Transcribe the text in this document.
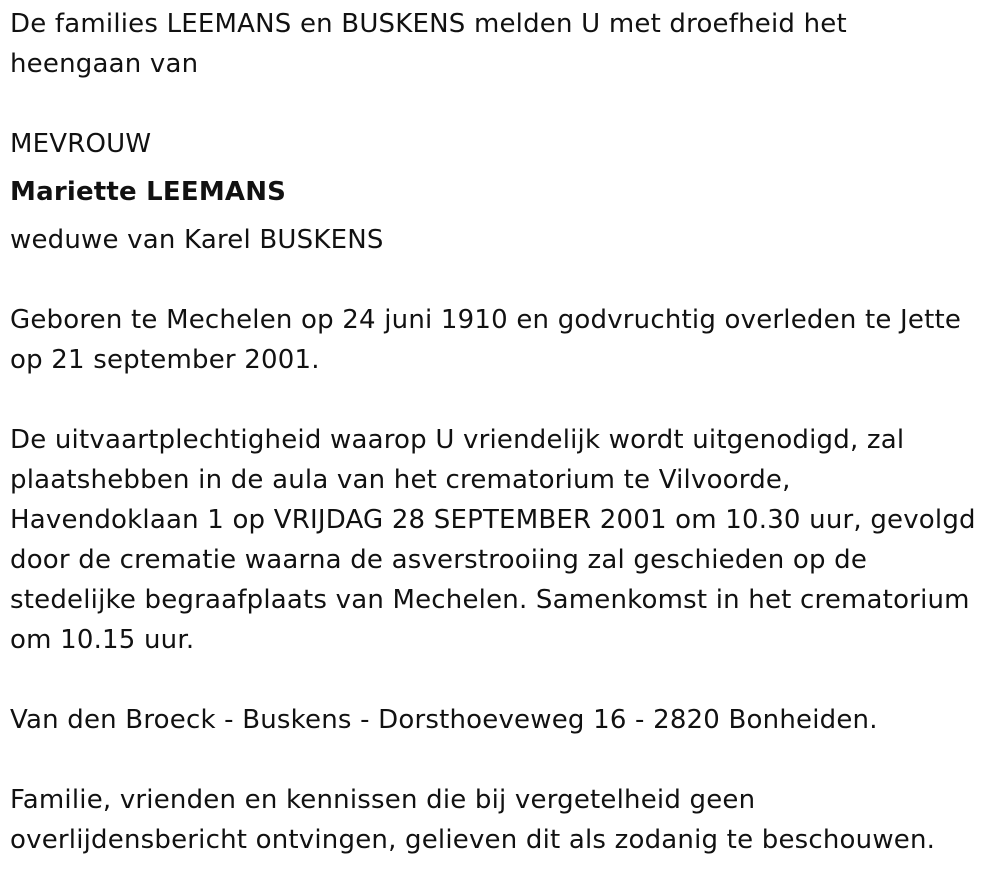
De families LEEMANS en BUSKENS melden U met droefheid het

heengaan van

MEVROUW

Mariette LEEMANS

weduwe van Karel BUSKENS

Geboren te Mechelen op 24 juni 1910 en godvruchtig overleden te Jette

op 21 september 2001.

De uitvaartplechtigheid waarop U vriendelijk wordt uitgenodigd, zal

plaatshebben in de aula van het crematorium te Vilvoorde,

Havendoklaan 1 op VRIJDAG 28 SEPTEMBER 2001 om 10.30 uur, gevolgd

door de crematie waarna de asverstrooiing zal geschieden op de

stedelijke begraafplaats van Mechelen. Samenkomst in het crematorium

om 10.15 uur.

Van den Broeck - Buskens - Dorsthoeveweg 16 - 2820 Bonheiden.

Familie, vrienden en kennissen die bij vergetelheid geen

overlijdensbericht ontvingen, gelieven dit als zodanig te beschouwen.
